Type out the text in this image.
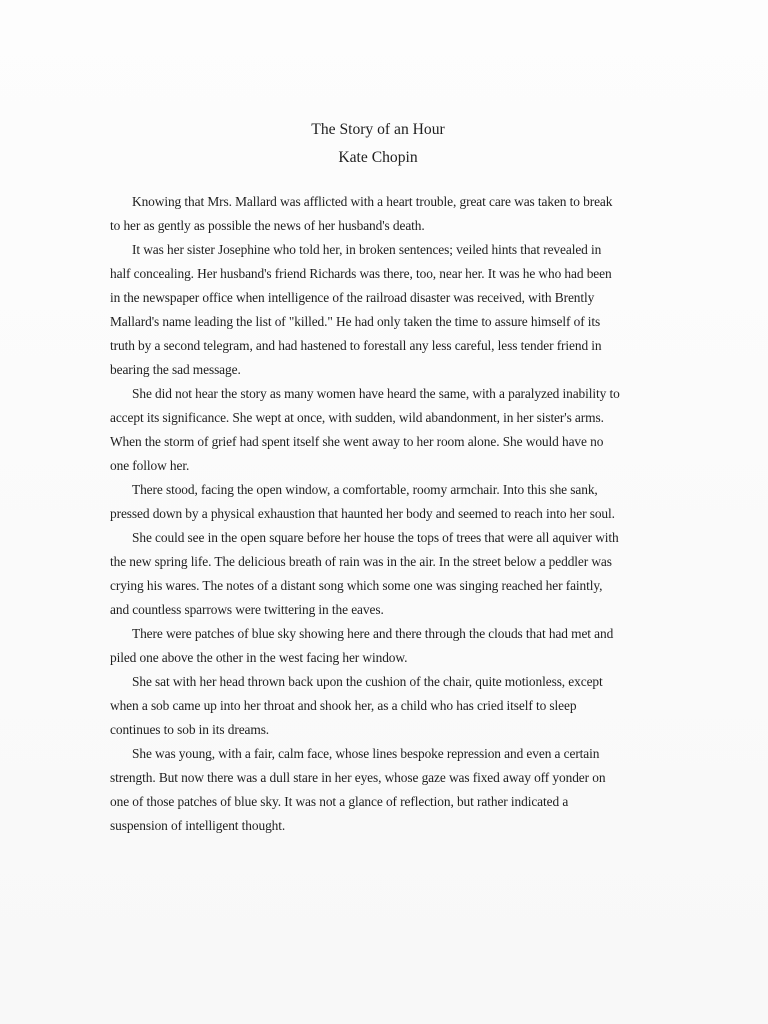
The Story of an Hour
Kate Chopin
Knowing that Mrs. Mallard was afflicted with a heart trouble, great care was taken to break
to her as gently as possible the news of her husband's death.
It was her sister Josephine who told her, in broken sentences; veiled hints that revealed in
half concealing. Her husband's friend Richards was there, too, near her. It was he who had been
in the newspaper office when intelligence of the railroad disaster was received, with Brently
Mallard's name leading the list of "killed." He had only taken the time to assure himself of its
truth by a second telegram, and had hastened to forestall any less careful, less tender friend in
bearing the sad message.
She did not hear the story as many women have heard the same, with a paralyzed inability to
accept its significance. She wept at once, with sudden, wild abandonment, in her sister's arms.
When the storm of grief had spent itself she went away to her room alone. She would have no
one follow her.
There stood, facing the open window, a comfortable, roomy armchair. Into this she sank,
pressed down by a physical exhaustion that haunted her body and seemed to reach into her soul.
She could see in the open square before her house the tops of trees that were all aquiver with
the new spring life. The delicious breath of rain was in the air. In the street below a peddler was
crying his wares. The notes of a distant song which some one was singing reached her faintly,
and countless sparrows were twittering in the eaves.
There were patches of blue sky showing here and there through the clouds that had met and
piled one above the other in the west facing her window.
She sat with her head thrown back upon the cushion of the chair, quite motionless, except
when a sob came up into her throat and shook her, as a child who has cried itself to sleep
continues to sob in its dreams.
She was young, with a fair, calm face, whose lines bespoke repression and even a certain
strength. But now there was a dull stare in her eyes, whose gaze was fixed away off yonder on
one of those patches of blue sky. It was not a glance of reflection, but rather indicated a
suspension of intelligent thought.
